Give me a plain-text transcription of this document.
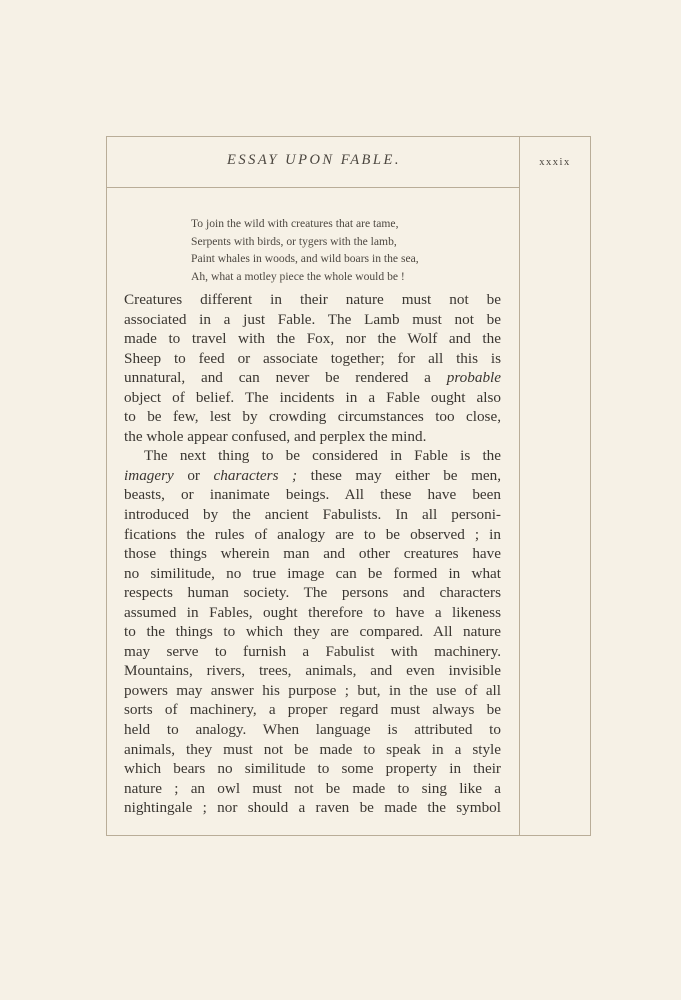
ESSAY UPON FABLE.	xxxix
To join the wild with creatures that are tame,
Serpents with birds, or tygers with the lamb,
Paint whales in woods, and wild boars in the sea,
Ah, what a motley piece the whole would be !
Creatures different in their nature must not be
associated in a just Fable. The Lamb must not be
made to travel with the Fox, nor the Wolf and the
Sheep to feed or associate together; for all this is
unnatural, and can never be rendered a probable
object of belief. The incidents in a Fable ought also
to be few, lest by crowding circumstances too close,
the whole appear confused, and perplex the mind.
The next thing to be considered in Fable is the
imagery or characters ; these may either be men,
beasts, or inanimate beings. All these have been
introduced by the ancient Fabulists. In all personi-
fications the rules of analogy are to be observed ; in
those things wherein man and other creatures have
no similitude, no true image can be formed in what
respects human society. The persons and characters
assumed in Fables, ought therefore to have a likeness
to the things to which they are compared. All nature
may serve to furnish a Fabulist with machinery.
Mountains, rivers, trees, animals, and even invisible
powers may answer his purpose ; but, in the use of all
sorts of machinery, a proper regard must always be
held to analogy. When language is attributed to
animals, they must not be made to speak in a style
which bears no similitude to some property in their
nature ; an owl must not be made to sing like a
nightingale ; nor should a raven be made the symbol
